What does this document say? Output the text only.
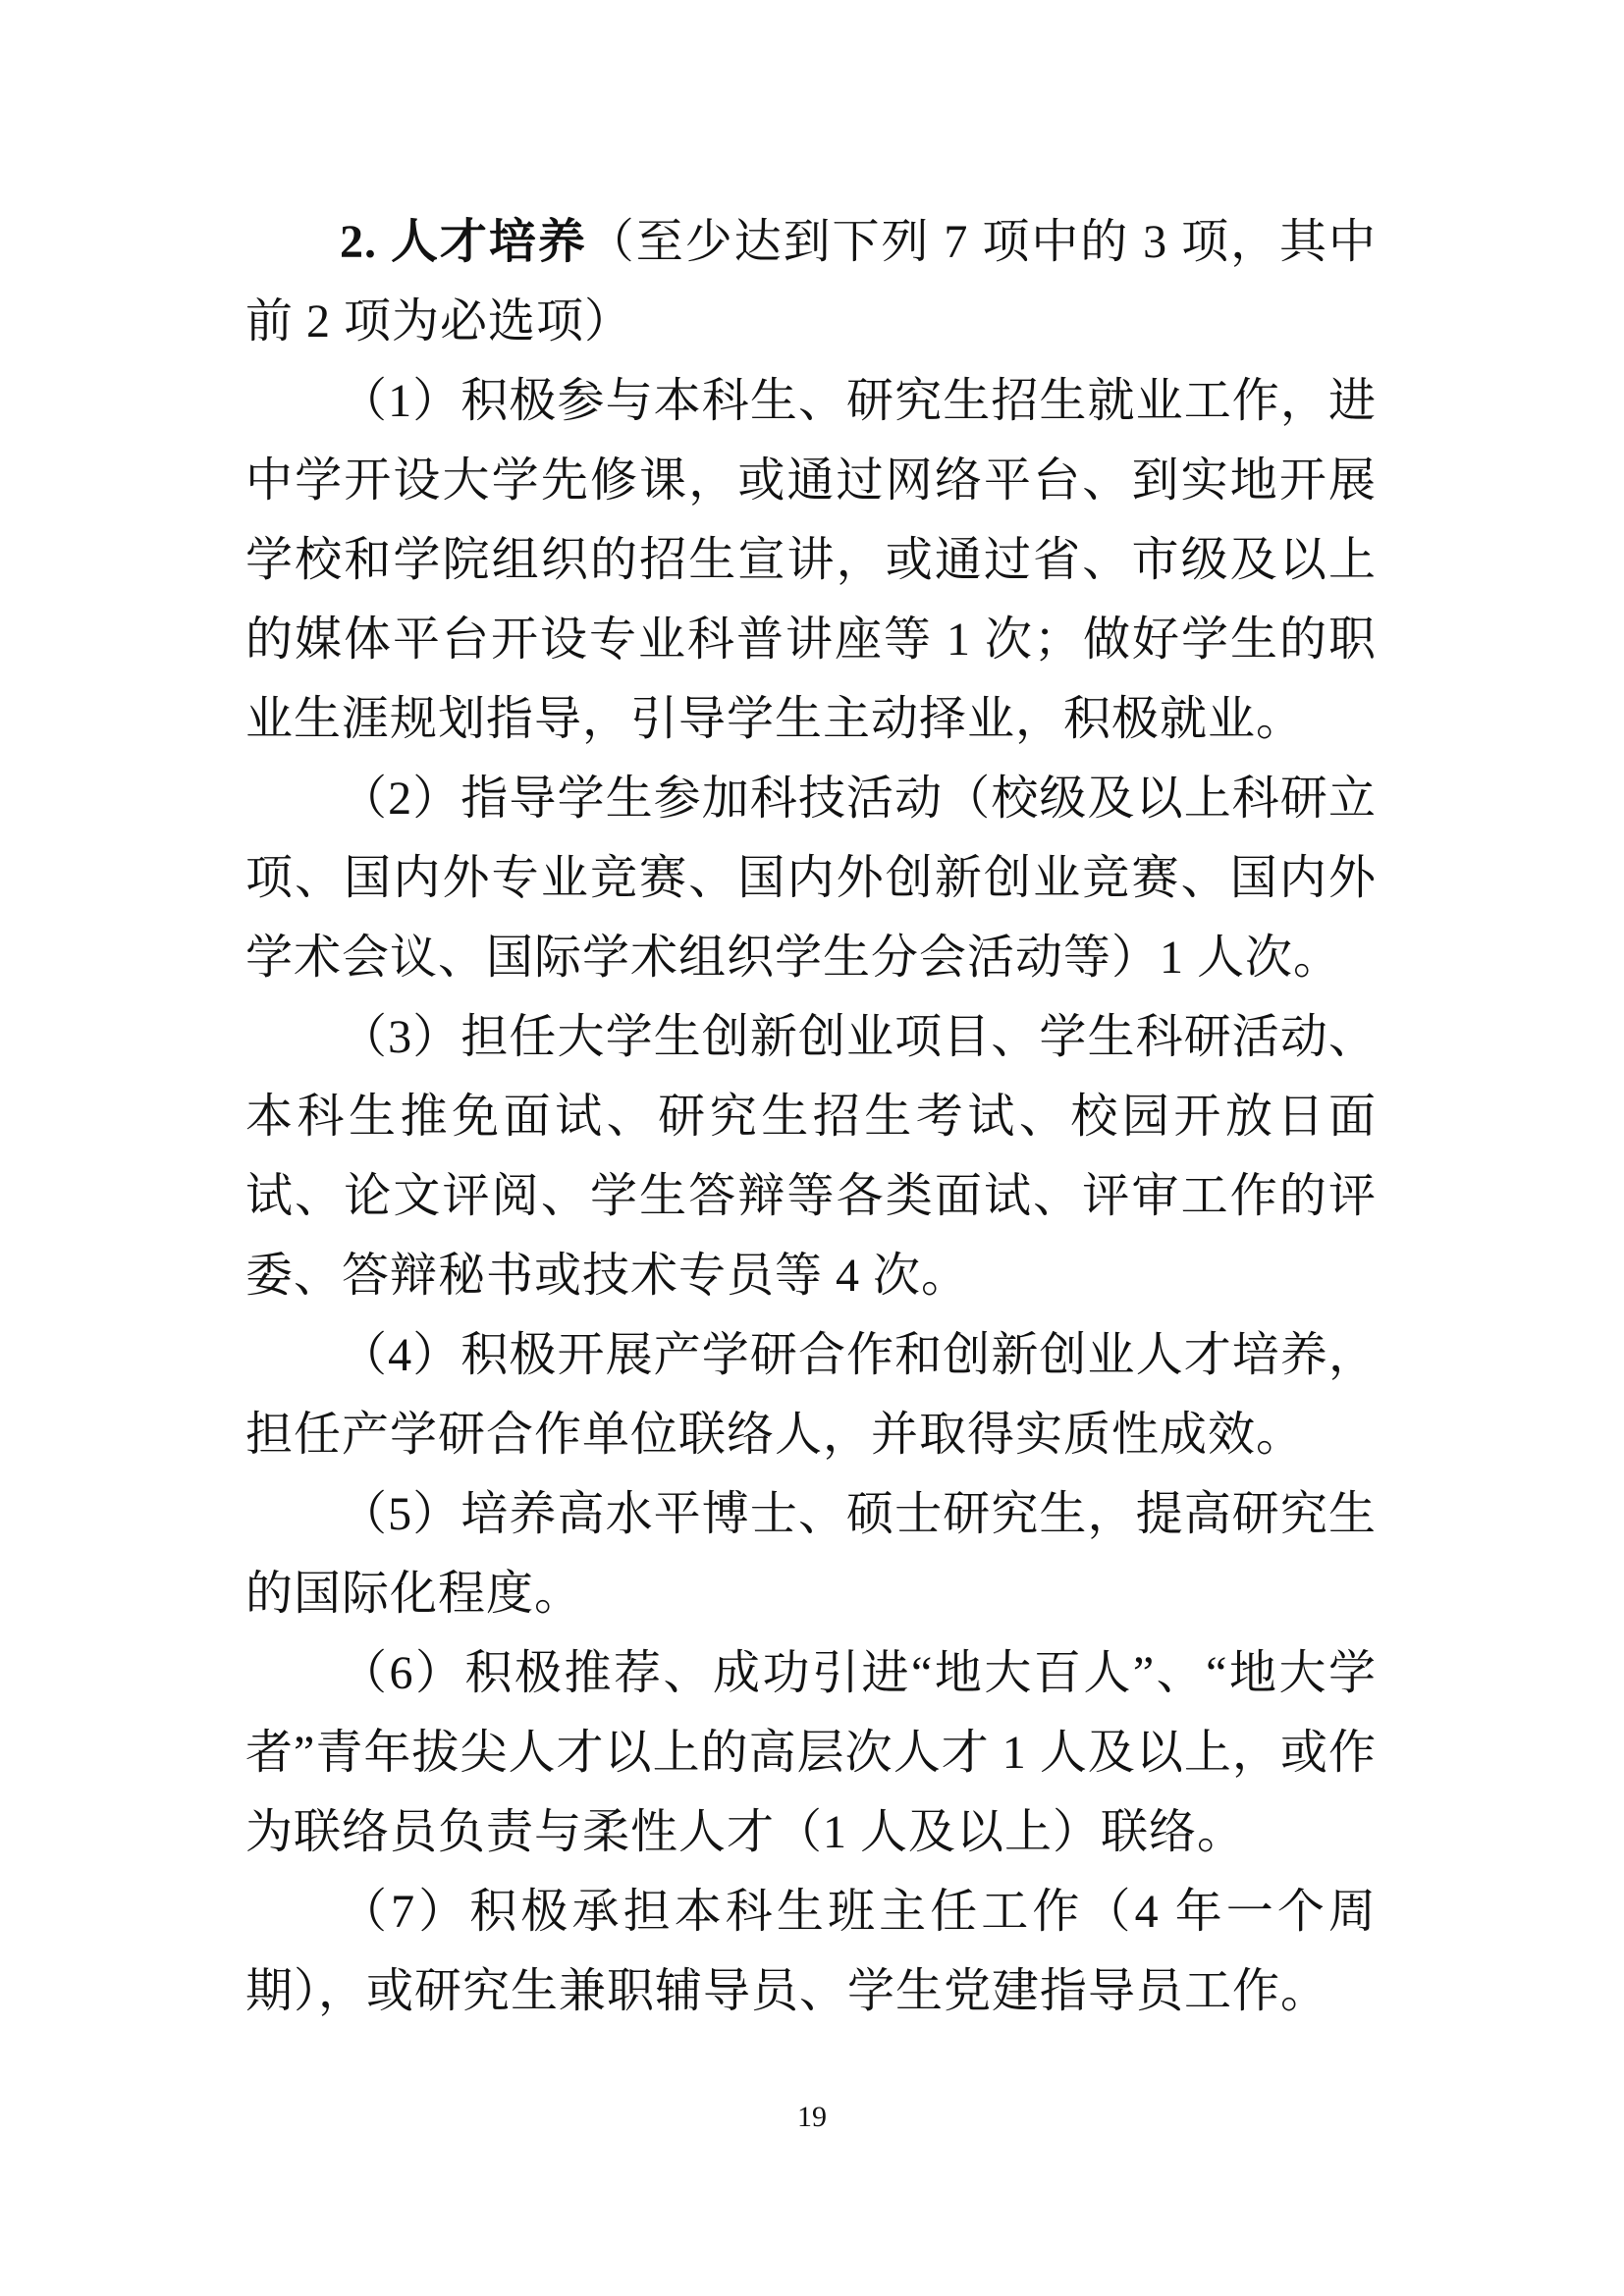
2. 人才培养（至少达到下列 7 项中的 3 项，其中前 2 项为必选项）

（1）积极参与本科生、研究生招生就业工作，进中学开设大学先修课，或通过网络平台、到实地开展学校和学院组织的招生宣讲，或通过省、市级及以上的媒体平台开设专业科普讲座等 1 次；做好学生的职业生涯规划指导，引导学生主动择业，积极就业。

（2）指导学生参加科技活动（校级及以上科研立项、国内外专业竞赛、国内外创新创业竞赛、国内外学术会议、国际学术组织学生分会活动等）1 人次。

（3）担任大学生创新创业项目、学生科研活动、本科生推免面试、研究生招生考试、校园开放日面试、论文评阅、学生答辩等各类面试、评审工作的评委、答辩秘书或技术专员等 4 次。

（4）积极开展产学研合作和创新创业人才培养，担任产学研合作单位联络人，并取得实质性成效。

（5）培养高水平博士、硕士研究生，提高研究生的国际化程度。

（6）积极推荐、成功引进“地大百人”、“地大学者”青年拔尖人才以上的高层次人才 1 人及以上，或作为联络员负责与柔性人才（1 人及以上）联络。

（7）积极承担本科生班主任工作（4 年一个周期），或研究生兼职辅导员、学生党建指导员工作。

19
